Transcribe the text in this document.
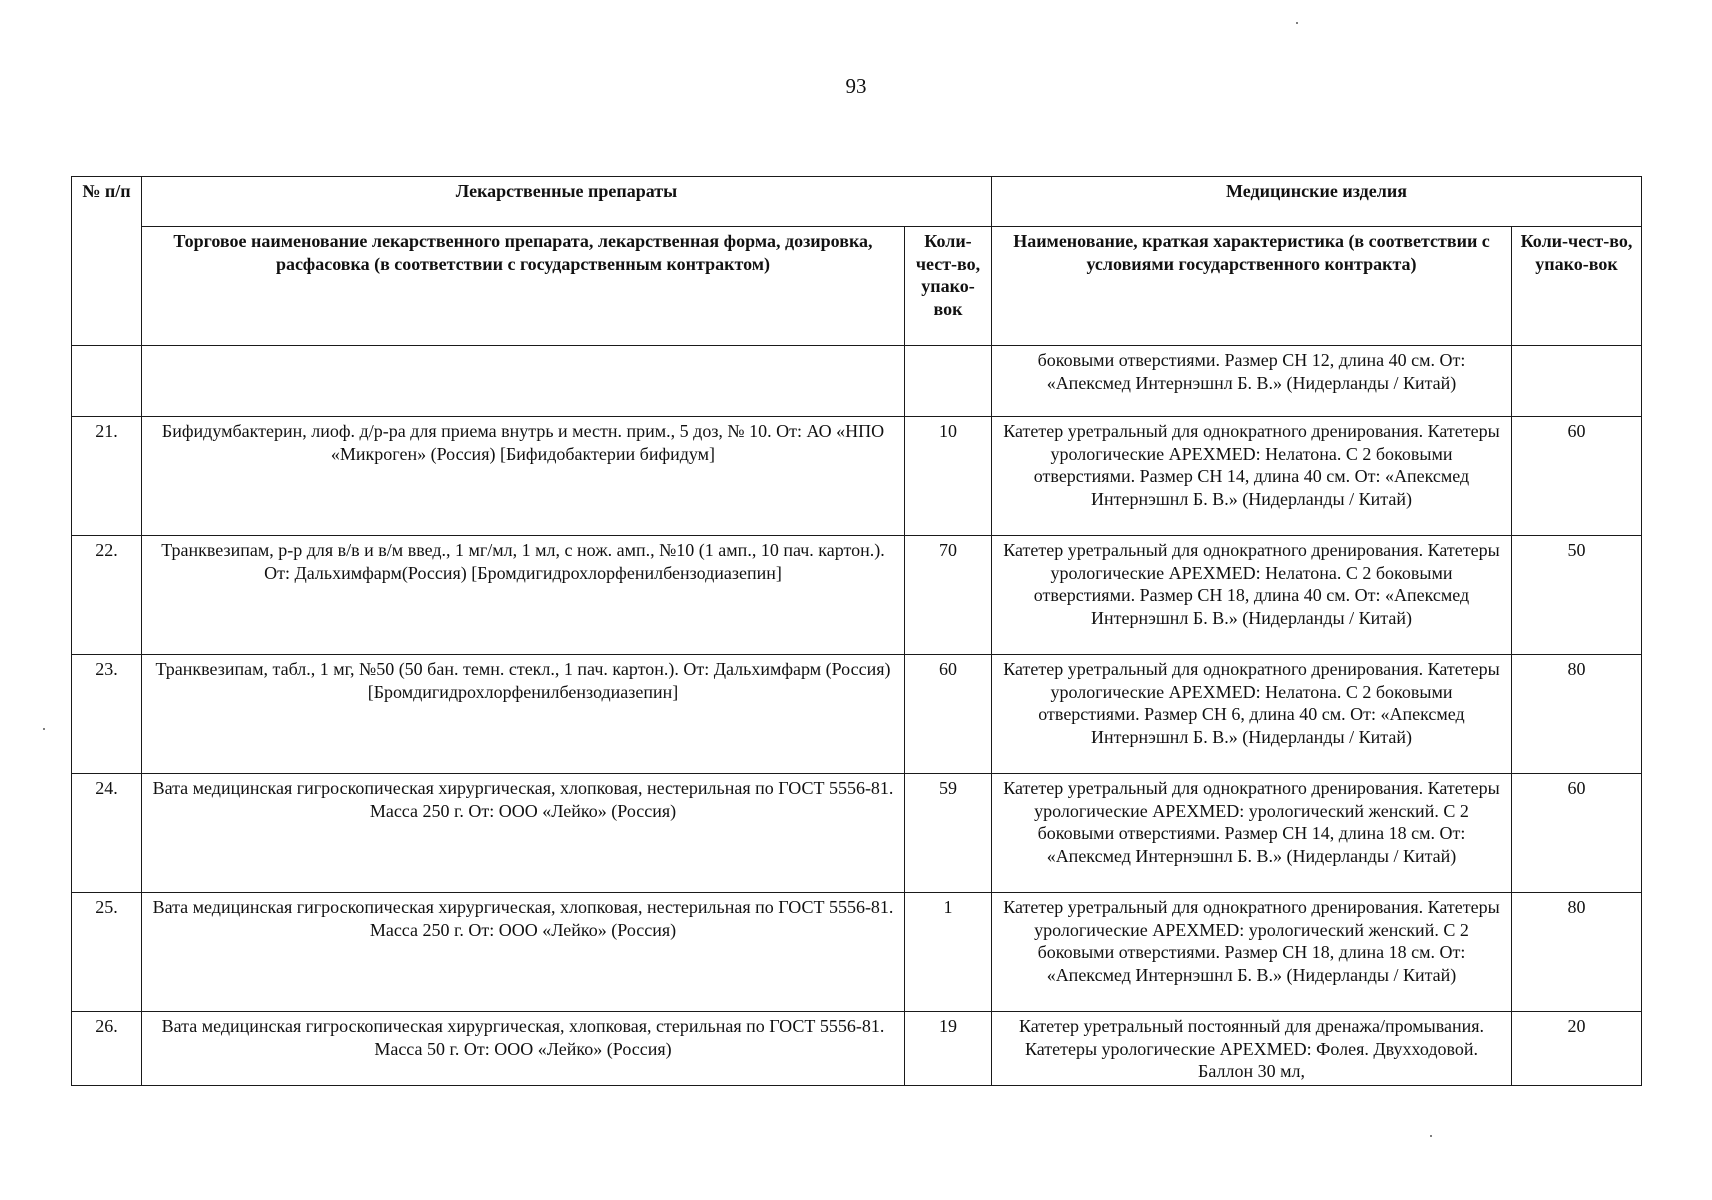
93
№ п/п	Лекарственные препараты		Медицинские изделия	
	Торговое наименование лекарственного препарата, лекарственная форма, дозировка, расфасовка (в соответствии с государственным контрактом)	Коли-чест-во, упако-вок	Наименование, краткая характеристика (в соответствии с условиями государственного контракта)	Коли-чест-во, упако-вок
			боковыми отверстиями. Размер СН 12, длина 40 см. От: «Апексмед Интернэшнл Б. В.» (Нидерланды / Китай)	
21.	Бифидумбактерин, лиоф. д/р-ра для приема внутрь и местн. прим., 5 доз, № 10. От: АО «НПО «Микроген» (Россия) [Бифидобактерии бифидум]	10	Катетер уретральный для однократного дренирования. Катетеры урологические APEXMED: Нелатона. С 2 боковыми отверстиями. Размер СН 14, длина 40 см. От: «Апексмед Интернэшнл Б. В.» (Нидерланды / Китай)	60
22.	Транквезипам, р-р для в/в и в/м введ., 1 мг/мл, 1 мл, с нож. амп., №10 (1 амп., 10 пач. картон.). От: Дальхимфарм(Россия) [Бромдигидрохлорфенилбензодиазепин]	70	Катетер уретральный для однократного дренирования. Катетеры урологические APEXMED: Нелатона. С 2 боковыми отверстиями. Размер СН 18, длина 40 см. От: «Апексмед Интернэшнл Б. В.» (Нидерланды / Китай)	50
23.	Транквезипам, табл., 1 мг, №50 (50 бан. темн. стекл., 1 пач. картон.). От: Дальхимфарм (Россия) [Бромдигидрохлорфенилбензодиазепин]	60	Катетер уретральный для однократного дренирования. Катетеры урологические APEXMED: Нелатона. С 2 боковыми отверстиями. Размер СН 6, длина 40 см. От: «Апексмед Интернэшнл Б. В.» (Нидерланды / Китай)	80
24.	Вата медицинская гигроскопическая хирургическая, хлопковая, нестерильная по ГОСТ 5556-81. Масса 250 г. От: ООО «Лейко» (Россия)	59	Катетер уретральный для однократного дренирования. Катетеры урологические APEXMED: урологический женский. С 2 боковыми отверстиями. Размер СН 14, длина 18 см. От: «Апексмед Интернэшнл Б. В.» (Нидерланды / Китай)	60
25.	Вата медицинская гигроскопическая хирургическая, хлопковая, нестерильная по ГОСТ 5556-81. Масса 250 г. От: ООО «Лейко» (Россия)	1	Катетер уретральный для однократного дренирования. Катетеры урологические APEXMED: урологический женский. С 2 боковыми отверстиями. Размер СН 18, длина 18 см. От: «Апексмед Интернэшнл Б. В.» (Нидерланды / Китай)	80
26.	Вата медицинская гигроскопическая хирургическая, хлопковая, стерильная по ГОСТ 5556-81. Масса 50 г. От: ООО «Лейко» (Россия)	19	Катетер уретральный постоянный для дренажа/промывания. Катетеры урологические APEXMED: Фолея. Двухходовой. Баллон 30 мл,	20
